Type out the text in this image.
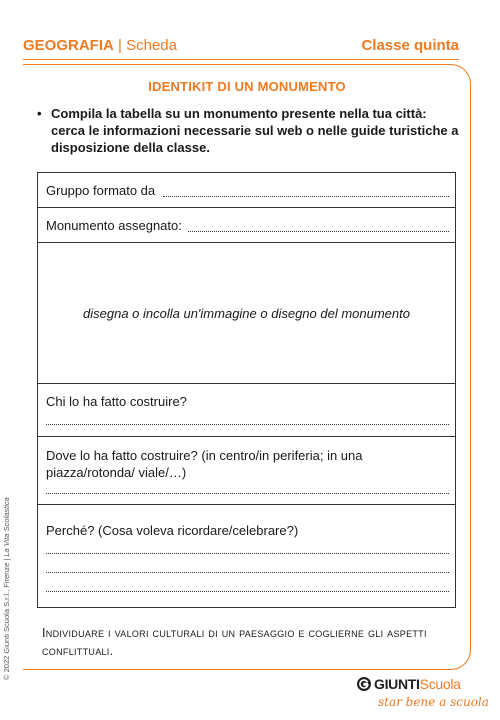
GEOGRAFIA | Scheda	Classe quinta
IDENTIKIT DI UN MONUMENTO
• Compila la tabella su un monumento presente nella tua città: cerca le informazioni necessarie sul web o nelle guide turistiche a disposizione della classe.
Gruppo formato da
Monumento assegnato:
disegna o incolla un'immagine o disegno del monumento
Chi lo ha fatto costruire?
Dove lo ha fatto costruire? (in centro/in periferia; in una piazza/rotonda/ viale/…)
Perché? (Cosa voleva ricordare/celebrare?)
Individuare i valori culturali di un paesaggio e coglierne gli aspetti conflittuali.
© 2022 Giunti Scuola S.r.l., Firenze | La Vita Scolastica
GIUNTIScuola
star bene a scuola
